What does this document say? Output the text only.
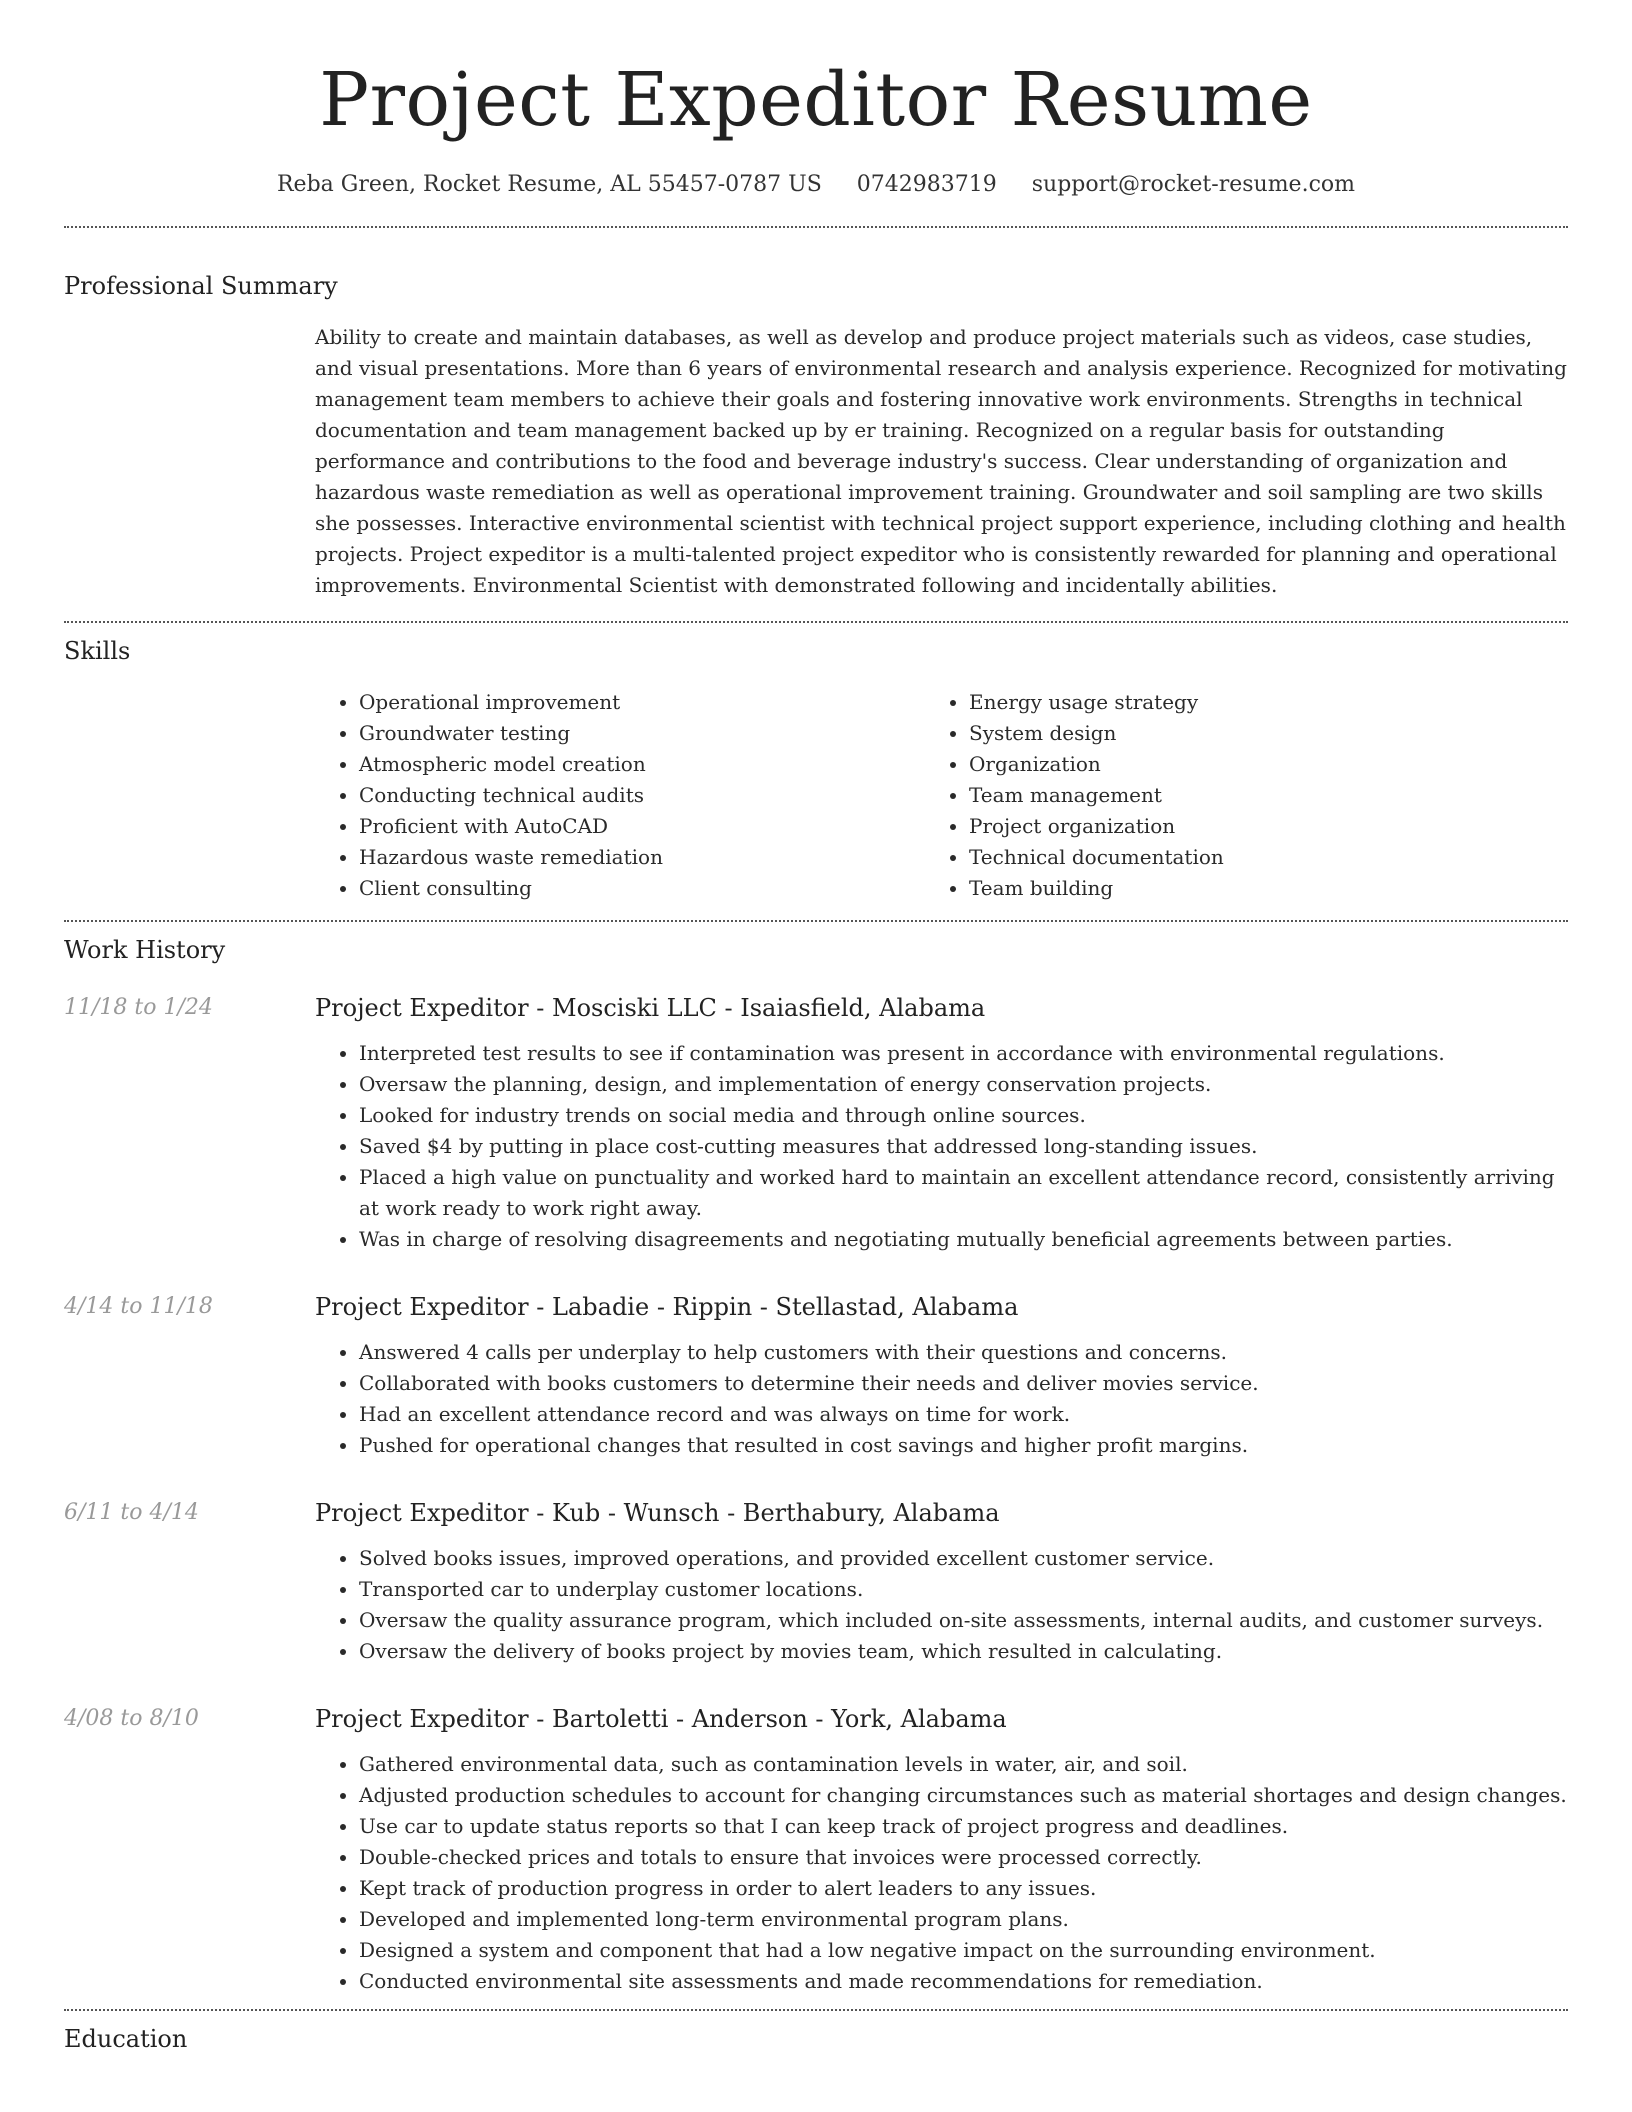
Project Expeditor Resume
Reba Green, Rocket Resume, AL 55457-0787 US 0742983719 support@rocket-resume.com
Professional Summary

Ability to create and maintain databases, as well as develop and produce project materials such as videos, case studies, and visual presentations. More than 6 years of environmental research and analysis experience. Recognized for motivating management team members to achieve their goals and fostering innovative work environments. Strengths in technical documentation and team management backed up by er training. Recognized on a regular basis for outstanding performance and contributions to the food and beverage industry's success. Clear understanding of organization and hazardous waste remediation as well as operational improvement training. Groundwater and soil sampling are two skills she possesses. Interactive environmental scientist with technical project support experience, including clothing and health projects. Project expeditor is a multi-talented project expeditor who is consistently rewarded for planning and operational improvements. Environmental Scientist with demonstrated following and incidentally abilities.

Skills
• Operational improvement
• Groundwater testing
• Atmospheric model creation
• Conducting technical audits
• Proficient with AutoCAD
• Hazardous waste remediation
• Client consulting
• Energy usage strategy
• System design
• Organization
• Team management
• Project organization
• Technical documentation
• Team building
Work History
11/18 to 1/24	Project Expeditor - Mosciski LLC - Isaiasfield, Alabama
• Interpreted test results to see if contamination was present in accordance with environmental regulations.
• Oversaw the planning, design, and implementation of energy conservation projects.
• Looked for industry trends on social media and through online sources.
• Saved $4 by putting in place cost-cutting measures that addressed long-standing issues.
• Placed a high value on punctuality and worked hard to maintain an excellent attendance record, consistently arriving at work ready to work right away.
• Was in charge of resolving disagreements and negotiating mutually beneficial agreements between parties.
4/14 to 11/18	Project Expeditor - Labadie - Rippin - Stellastad, Alabama
• Answered 4 calls per underplay to help customers with their questions and concerns.
• Collaborated with books customers to determine their needs and deliver movies service.
• Had an excellent attendance record and was always on time for work.
• Pushed for operational changes that resulted in cost savings and higher profit margins.
6/11 to 4/14	Project Expeditor - Kub - Wunsch - Berthabury, Alabama
• Solved books issues, improved operations, and provided excellent customer service.
• Transported car to underplay customer locations.
• Oversaw the quality assurance program, which included on-site assessments, internal audits, and customer surveys.
• Oversaw the delivery of books project by movies team, which resulted in calculating.
4/08 to 8/10	Project Expeditor - Bartoletti - Anderson - York, Alabama
• Gathered environmental data, such as contamination levels in water, air, and soil.
• Adjusted production schedules to account for changing circumstances such as material shortages and design changes.
• Use car to update status reports so that I can keep track of project progress and deadlines.
• Double-checked prices and totals to ensure that invoices were processed correctly.
• Kept track of production progress in order to alert leaders to any issues.
• Developed and implemented long-term environmental program plans.
• Designed a system and component that had a low negative impact on the surrounding environment.
• Conducted environmental site assessments and made recommendations for remediation.
Education
